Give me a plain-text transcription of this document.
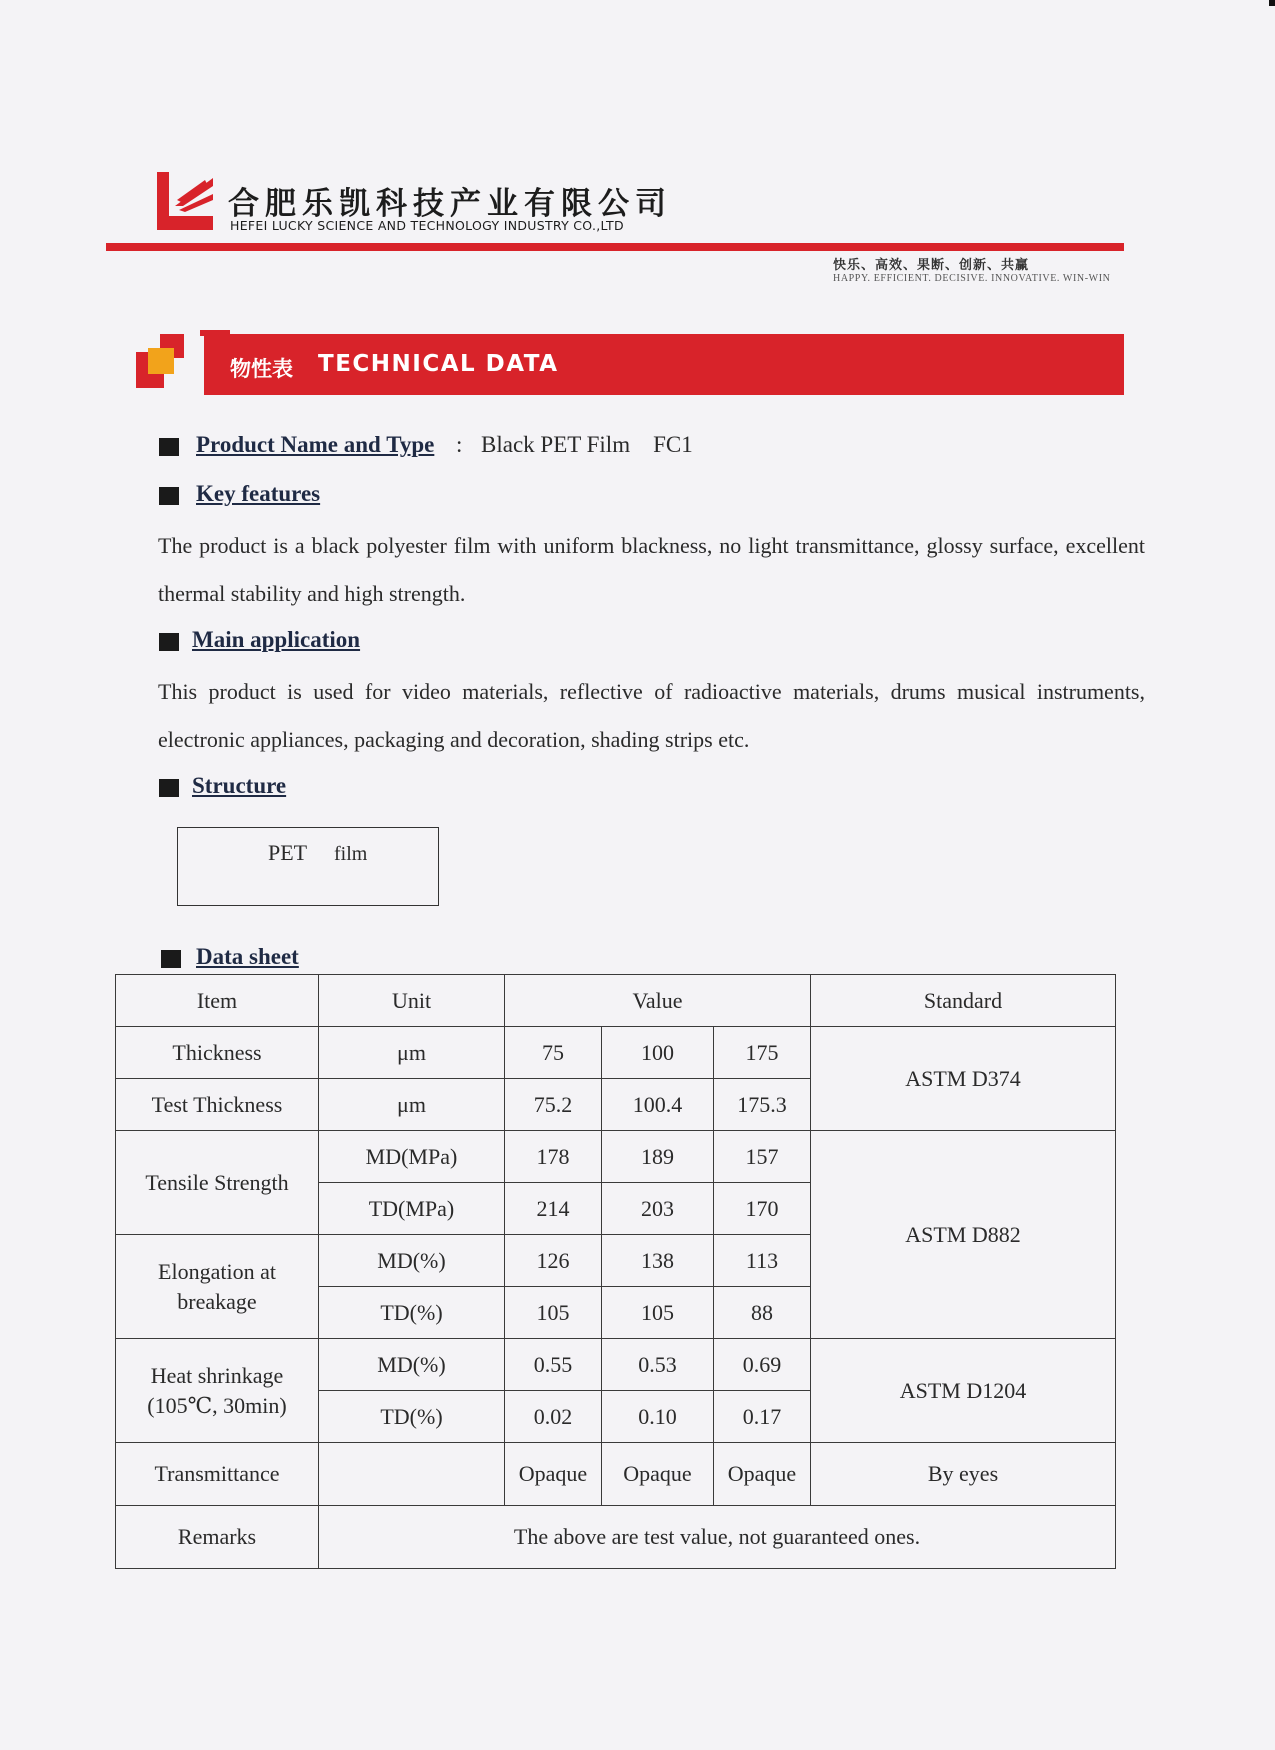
合肥乐凯科技产业有限公司
HEFEI LUCKY SCIENCE AND TECHNOLOGY INDUSTRY CO.,LTD
快乐、高效、果断、创新、共赢
HAPPY. EFFICIENT. DECISIVE. INNOVATIVE. WIN-WIN
物性表 TECHNICAL DATA
Product Name and Type : Black PET Film    FC1
Key features
The product is a black polyester film with uniform blackness, no light transmittance, glossy surface, excellent thermal stability and high strength.
Main application
This product is used for video materials, reflective of radioactive materials, drums musical instruments, electronic appliances, packaging and decoration, shading strips etc.
Structure
PET film
Data sheet
Item	Unit	Value			Standard
Thickness	μm	75	100	175	ASTM D374
Test Thickness	μm	75.2	100.4	175.3	
Tensile Strength	MD(MPa)	178	189	157	ASTM D882
	TD(MPa)	214	203	170	
Elongation at breakage	MD(%)	126	138	113	
	TD(%)	105	105	88	

Heat shrinkage
(105℃, 30min)	MD(%)	0.55	0.53	0.69	ASTM D1204
	TD(%)	0.02	0.10	0.17	
Transmittance		Opaque	Opaque	Opaque	By eyes
Remarks	The above are test value, not guaranteed ones.				
